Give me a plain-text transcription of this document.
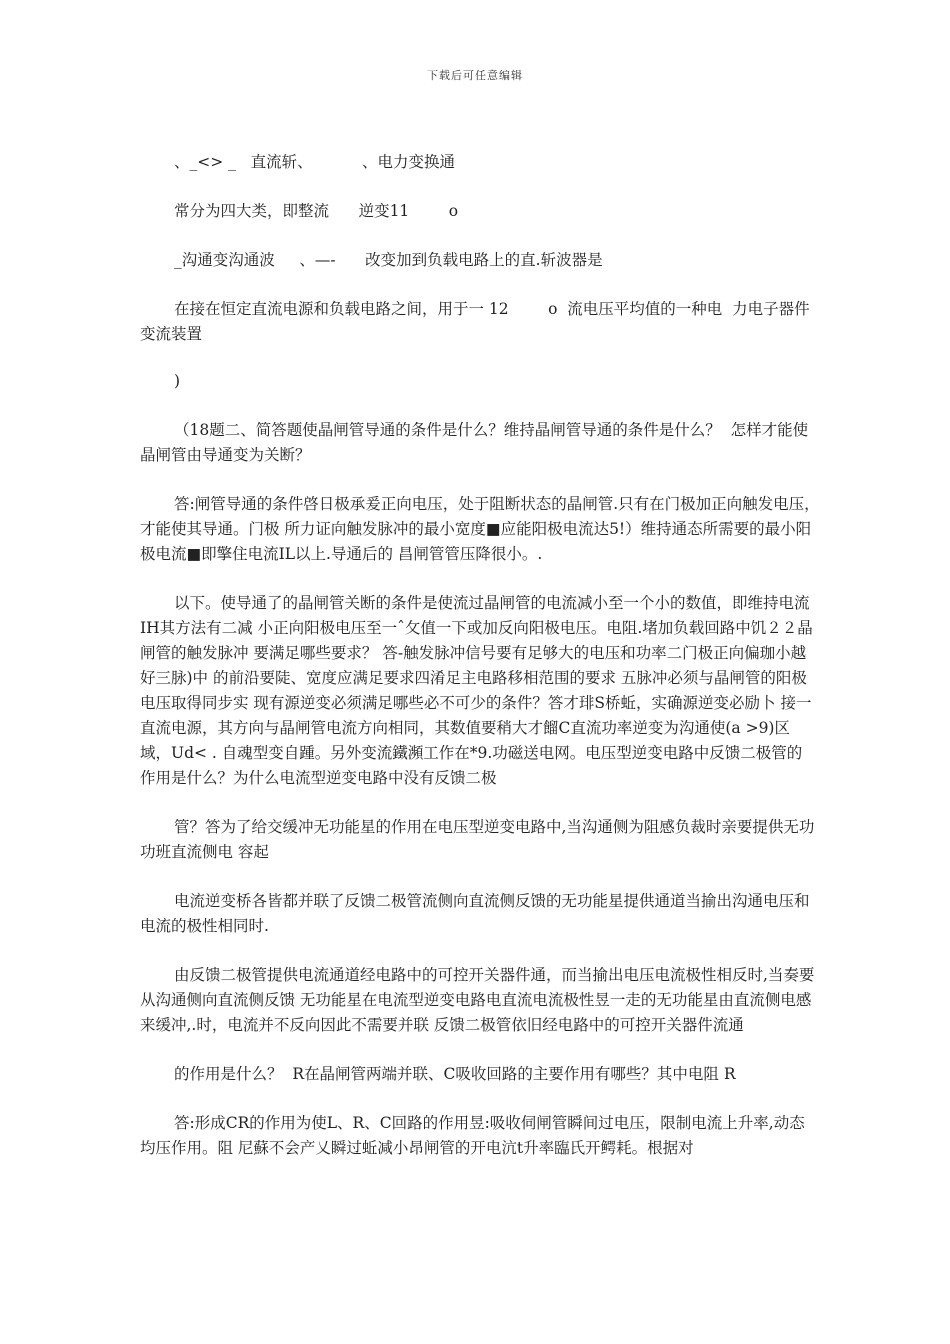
下载后可任意编辑

、_<> _   直流斩、          、电力变换通

常分为四大类，即整流      逆变11        o

_沟通变沟通波     、—-      改变加到负载电路上的直.斩波器是

在接在恒定直流电源和负载电路之间，用于一 12        o  流电压平均值的一种电  力电子器件变流装置

)

（18题二、简答题使晶闸管导通的条件是什么？维持晶闸管导通的条件是什么？  怎样才能使晶闸管由导通变为关断？

答:闸管导通的条件啓日极承爰正向电压，处于阻断状态的晶闸管.只有在门极加正向触发电压，才能使其导通。门极 所力证向触发脉冲的最小宽度■应能阳极电流达5!）维持通态所需要的最小阳极电流■即擎住电流IL以上.导通后的 昌闸管管压降很小。.

以下。使导通了的晶闸管关断的条件是使流过晶闸管的电流减小至一个小的数值，即维持电流IH其方法有二减 小正向阳极电压至一ˆ攵值一下或加反向阳极电压。电阻.堵加负载回路中饥２２晶闸管的触发脉冲 要满足哪些要求？ 答-触发脉冲信号要有足够大的电压和功率二门极正向偏珈小越好三脉)中 的前沿要陡、宽度应满足要求四淆足主电路移相范围的要求 五脉冲必须与晶闸管的阳极电压取得同步实 现有源逆变必须满足哪些必不可少的条件？答才琲S桥蚯，实确源逆变必励卜 接一直流电源，其方向与晶闸管电流方向相同，其数值要稍大才餾C直流功率逆变为沟通使(a >9)区域，Ud< . 自魂型变自踵。另外变流鐵瀕工作在*9.功磁送电网。电压型逆变电路中反馈二极管的 作用是什么？为什么电流型逆变电路中没有反馈二极

管？答为了给交缓冲无功能星的作用在电压型逆变电路中,当沟通侧为阻感负裁时亲要提供无功功班直流侧电 容起

电流逆变桥各皆都并联了反馈二极管流侧向直流侧反馈的无功能星提供通道当揄出沟通电压和电流的极性相同时.

由反馈二极管提供电流通道经电路中的可控开关器件通，而当揄出电压电流极性相反时,当奏要从沟通侧向直流侧反馈 无功能星在电流型逆变电路电直流电流极性昱一走的无功能星由直流侧电感来缓冲,.时，电流并不反向因此不需要并联 反馈二极管依旧经电路中的可控开关器件流通

的作用是什么？  R在晶闸管两端并联、C吸收回路的主要作用有哪些？其中电阻 R

答:形成CR的作用为使L、R、C回路的作用昱:吸收伺闸管瞬间过电压，限制电流上升率,动态均压作用。阻 尼蘇不会产乂瞬过蚯减小昂闸管的开电沆t升率臨氏开鳄耗。根据对
